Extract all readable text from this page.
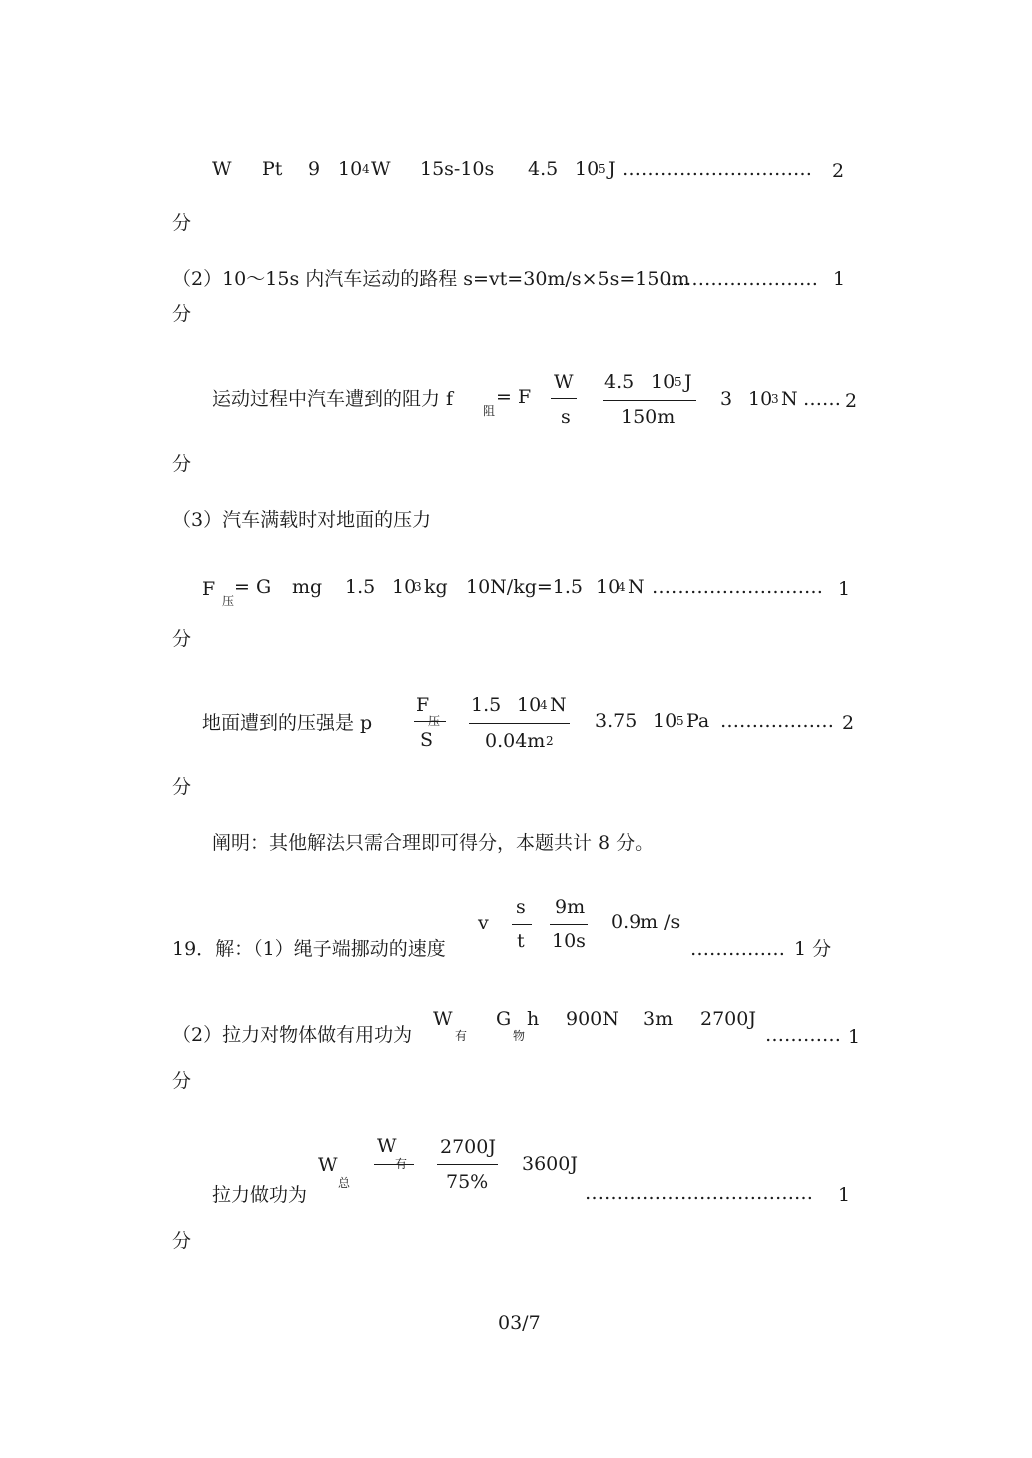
W Pt 9 10 4 W 15s-10s 4.5 10
5 J ………………………… 2
分
（2）10～15s 内汽车运动的路程 s=vt=30m/s×5s=150m
…………………… 1
分
运动过程中汽车遭到的阻力 f
阻
= F
W
s
4.5 10
5 J
150m
3 10
3 N …… 2
分
（3）汽车满载时对地面的压力
F
压
= G mg 1.5 10
3 kg 10N/kg=1.5 10
4 N ……………………… 1
分
地面遭到的压强是 p
F
压
S
1.5 10
4 N
0.04m 2
3.75 10
5 Pa ……………… 2
分
阐明：其他解法只需合理即可得分，本题共计 8 分。
19．解：（1）绳子端挪动的速度
v
s
t
9m
10s
0.9
m /s
…………… 1 分
（2）拉力对物体做有用功为
W
有
G
物
h 900N 3m 2700J
………… 1
分
拉力做功为
W
总
W
有
2700J
75%
3600J
……………………………… 1
分
03/7
